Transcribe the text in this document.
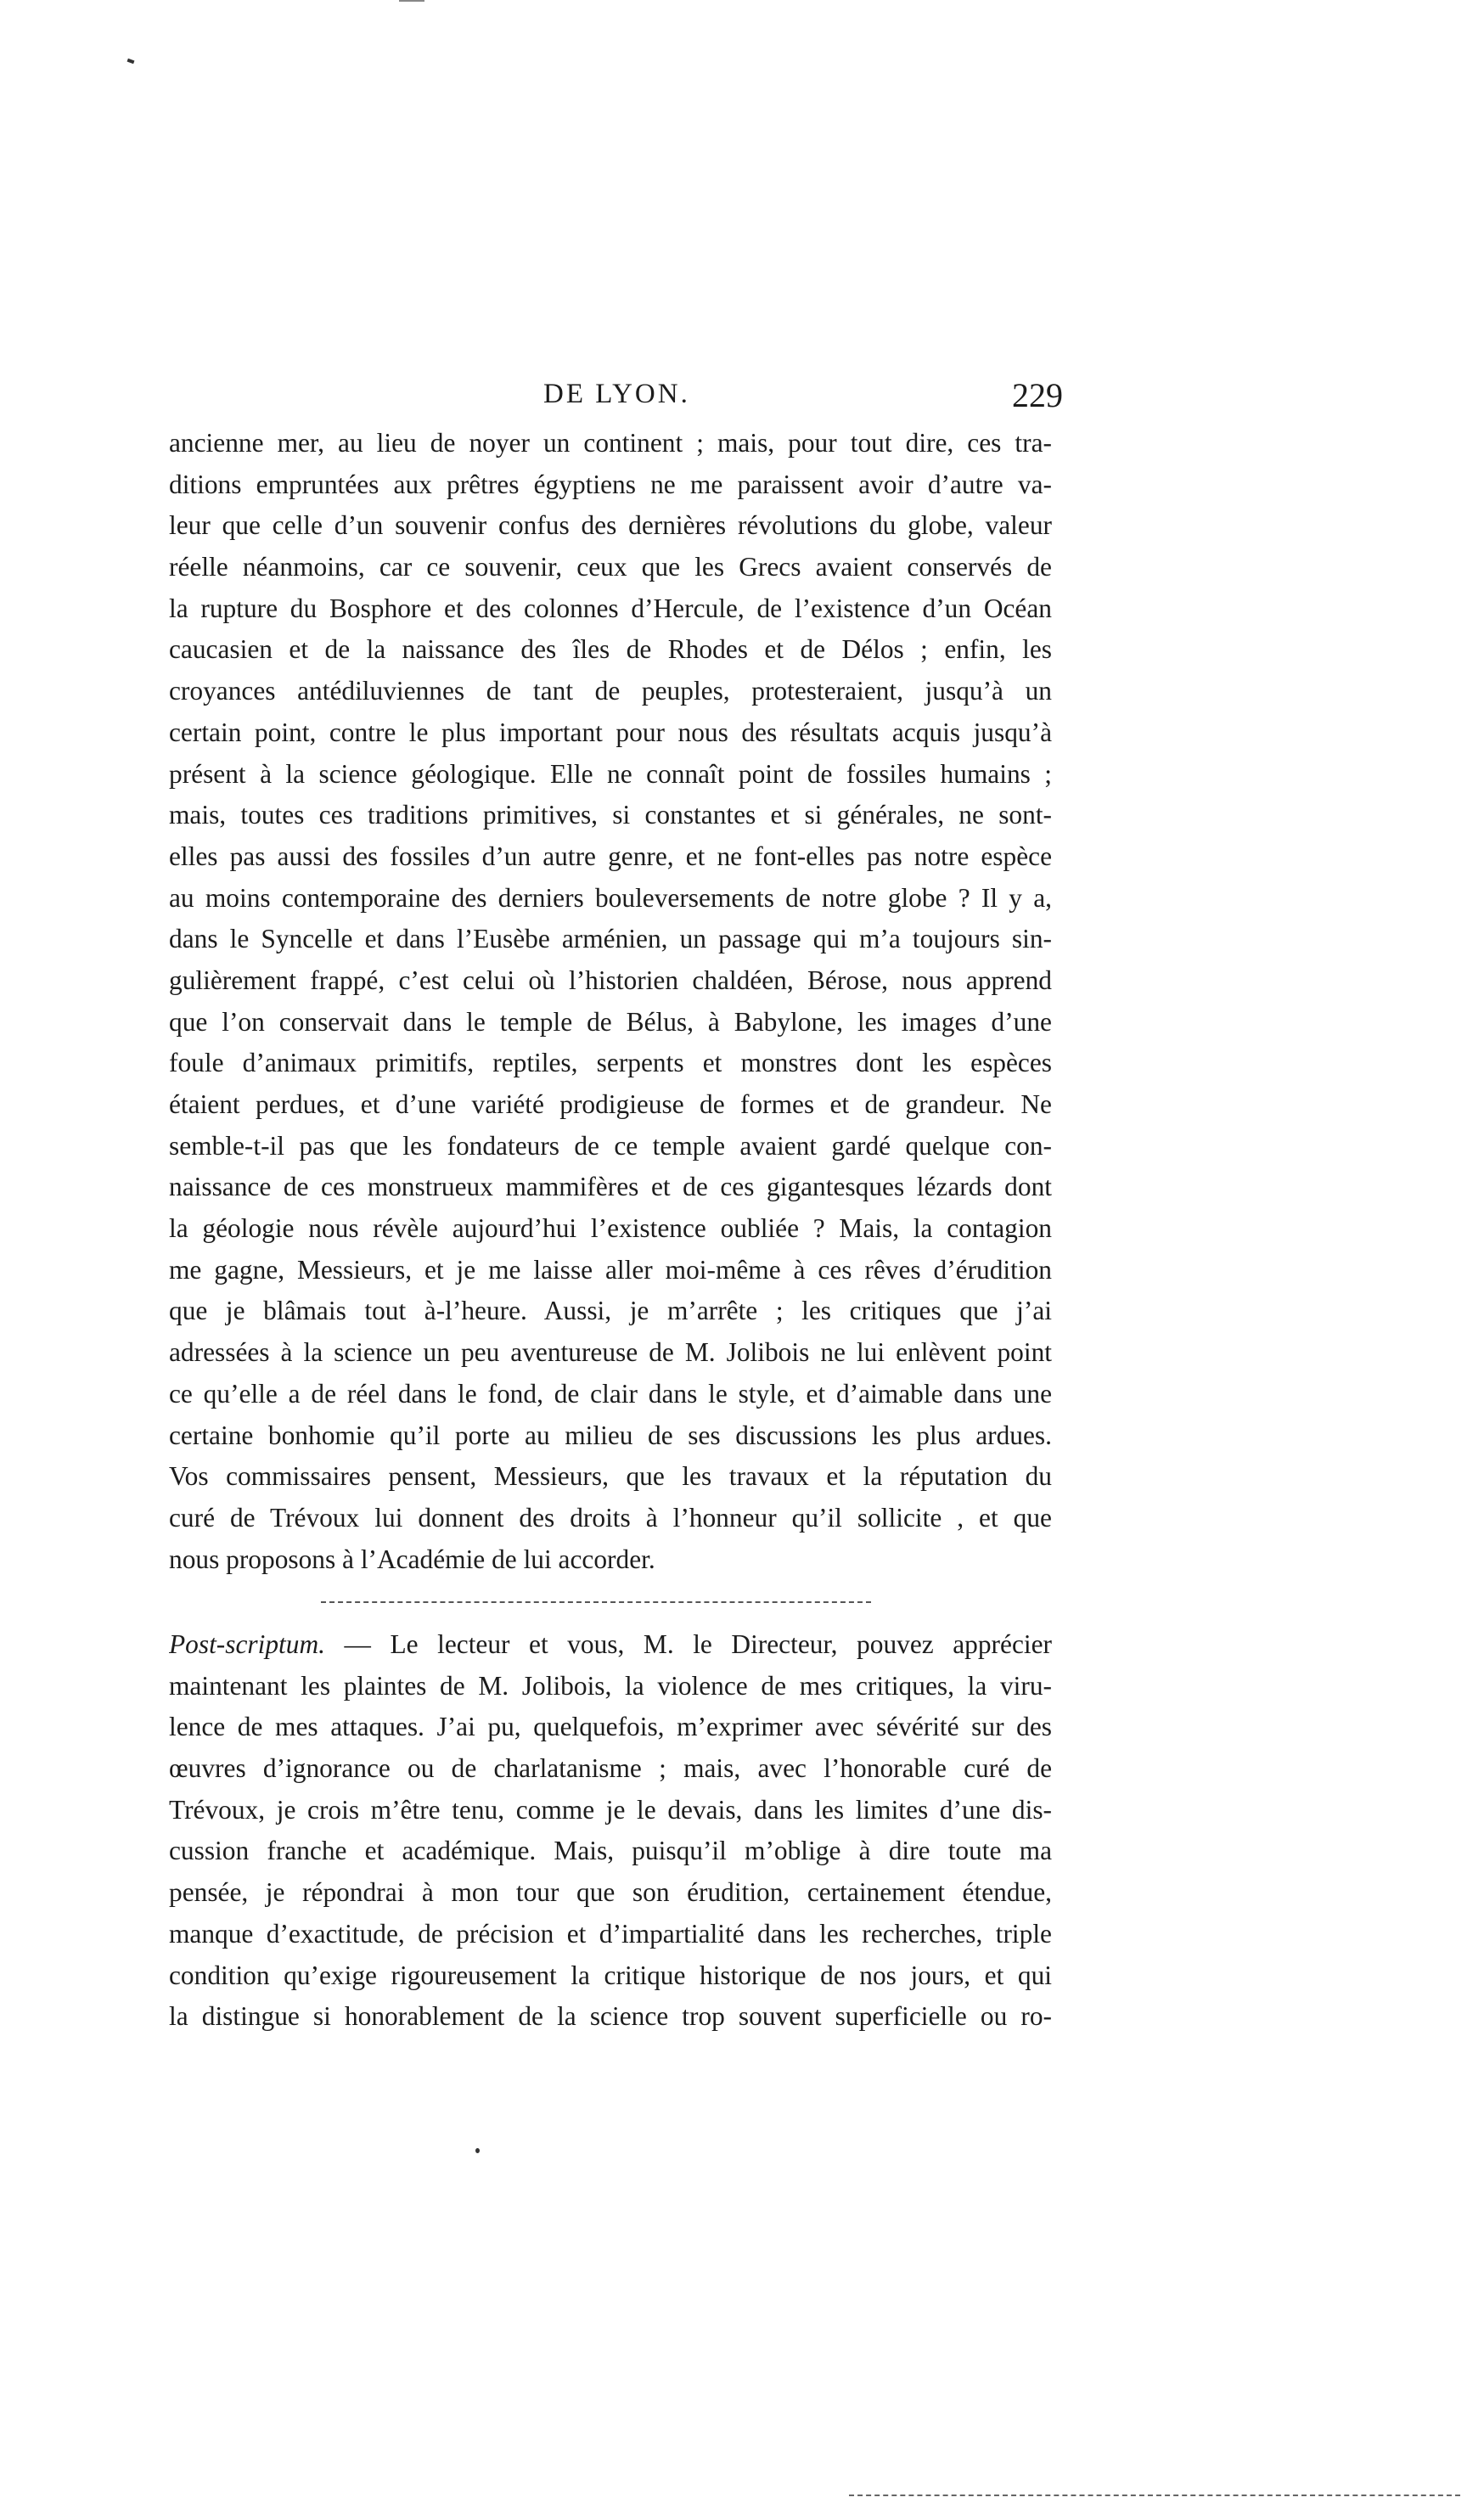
DE LYON.	229
ancienne mer, au lieu de noyer un continent ; mais, pour tout dire, ces tra-
ditions empruntées aux prêtres égyptiens ne me paraissent avoir d’autre va-
leur que celle d’un souvenir confus des dernières révolutions du globe, valeur
réelle néanmoins, car ce souvenir, ceux que les Grecs avaient conservés de
la rupture du Bosphore et des colonnes d’Hercule, de l’existence d’un Océan
caucasien et de la naissance des îles de Rhodes et de Délos ; enfin, les
croyances antédiluviennes de tant de peuples, protesteraient, jusqu’à un
certain point, contre le plus important pour nous des résultats acquis jusqu’à
présent à la science géologique. Elle ne connaît point de fossiles humains ;
mais, toutes ces traditions primitives, si constantes et si générales, ne sont-
elles pas aussi des fossiles d’un autre genre, et ne font-elles pas notre espèce
au moins contemporaine des derniers bouleversements de notre globe ? Il y a,
dans le Syncelle et dans l’Eusèbe arménien, un passage qui m’a toujours sin-
gulièrement frappé, c’est celui où l’historien chaldéen, Bérose, nous apprend
que l’on conservait dans le temple de Bélus, à Babylone, les images d’une
foule d’animaux primitifs, reptiles, serpents et monstres dont les espèces
étaient perdues, et d’une variété prodigieuse de formes et de grandeur. Ne
semble-t-il pas que les fondateurs de ce temple avaient gardé quelque con-
naissance de ces monstrueux mammifères et de ces gigantesques lézards dont
la géologie nous révèle aujourd’hui l’existence oubliée ? Mais, la contagion
me gagne, Messieurs, et je me laisse aller moi-même à ces rêves d’érudition
que je blâmais tout à-l’heure. Aussi, je m’arrête ; les critiques que j’ai
adressées à la science un peu aventureuse de M. Jolibois ne lui enlèvent point
ce qu’elle a de réel dans le fond, de clair dans le style, et d’aimable dans une
certaine bonhomie qu’il porte au milieu de ses discussions les plus ardues.
Vos commissaires pensent, Messieurs, que les travaux et la réputation du
curé de Trévoux lui donnent des droits à l’honneur qu’il sollicite , et que
nous proposons à l’Académie de lui accorder.
Post-scriptum. — Le lecteur et vous, M. le Directeur, pouvez apprécier
maintenant les plaintes de M. Jolibois, la violence de mes critiques, la viru-
lence de mes attaques. J’ai pu, quelquefois, m’exprimer avec sévérité sur des
œuvres d’ignorance ou de charlatanisme ; mais, avec l’honorable curé de
Trévoux, je crois m’être tenu, comme je le devais, dans les limites d’une dis-
cussion franche et académique. Mais, puisqu’il m’oblige à dire toute ma
pensée, je répondrai à mon tour que son érudition, certainement étendue,
manque d’exactitude, de précision et d’impartialité dans les recherches, triple
condition qu’exige rigoureusement la critique historique de nos jours, et qui
la distingue si honorablement de la science trop souvent superficielle ou ro-
